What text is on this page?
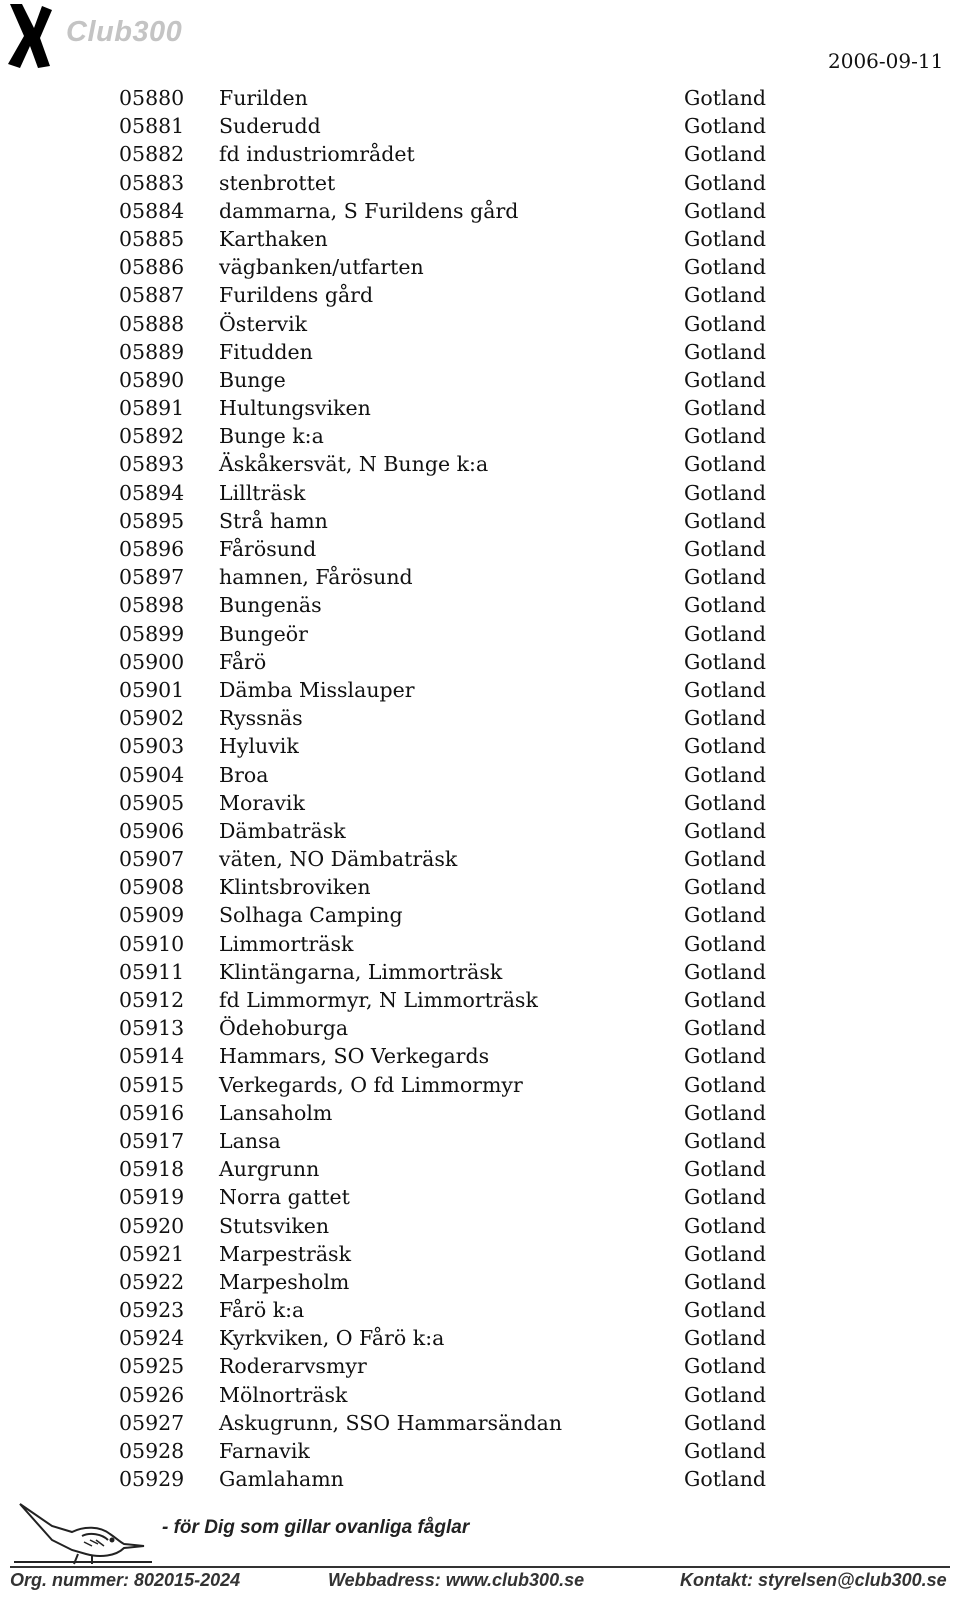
Club300
2006-09-11
05880 Furilden	Gotland
05881 Suderudd	Gotland
05882 fd industriområdet	Gotland
05883 stenbrottet	Gotland
05884 dammarna, S Furildens gård	Gotland
05885 Karthaken	Gotland
05886 vägbanken/utfarten	Gotland
05887 Furildens gård	Gotland
05888 Östervik	Gotland
05889 Fitudden	Gotland
05890 Bunge	Gotland
05891 Hultungsviken	Gotland
05892 Bunge k:a	Gotland
05893 Äskåkersvät, N Bunge k:a	Gotland
05894 Lillträsk	Gotland
05895 Strå hamn	Gotland
05896 Fårösund	Gotland
05897 hamnen, Fårösund	Gotland
05898 Bungenäs	Gotland
05899 Bungeör	Gotland
05900 Fårö	Gotland
05901 Dämba Misslauper	Gotland
05902 Ryssnäs	Gotland
05903 Hyluvik	Gotland
05904 Broa	Gotland
05905 Moravik	Gotland
05906 Dämbaträsk	Gotland
05907 väten, NO Dämbaträsk	Gotland
05908 Klintsbroviken	Gotland
05909 Solhaga Camping	Gotland
05910 Limmorträsk	Gotland
05911 Klintängarna, Limmorträsk	Gotland
05912 fd Limmormyr, N Limmorträsk	Gotland
05913 Ödehoburga	Gotland
05914 Hammars, SO Verkegards	Gotland
05915 Verkegards, O fd Limmormyr	Gotland
05916 Lansaholm	Gotland
05917 Lansa	Gotland
05918 Aurgrunn	Gotland
05919 Norra gattet	Gotland
05920 Stutsviken	Gotland
05921 Marpesträsk	Gotland
05922 Marpesholm	Gotland
05923 Fårö k:a	Gotland
05924 Kyrkviken, O Fårö k:a	Gotland
05925 Roderarvsmyr	Gotland
05926 Mölnorträsk	Gotland
05927 Askugrunn, SSO Hammarsändan	Gotland
05928 Farnavik	Gotland
05929 Gamlahamn	Gotland
- för Dig som gillar ovanliga fåglar
Org. nummer: 802015-2024	Webbadress: www.club300.se	Kontakt: styrelsen@club300.se
